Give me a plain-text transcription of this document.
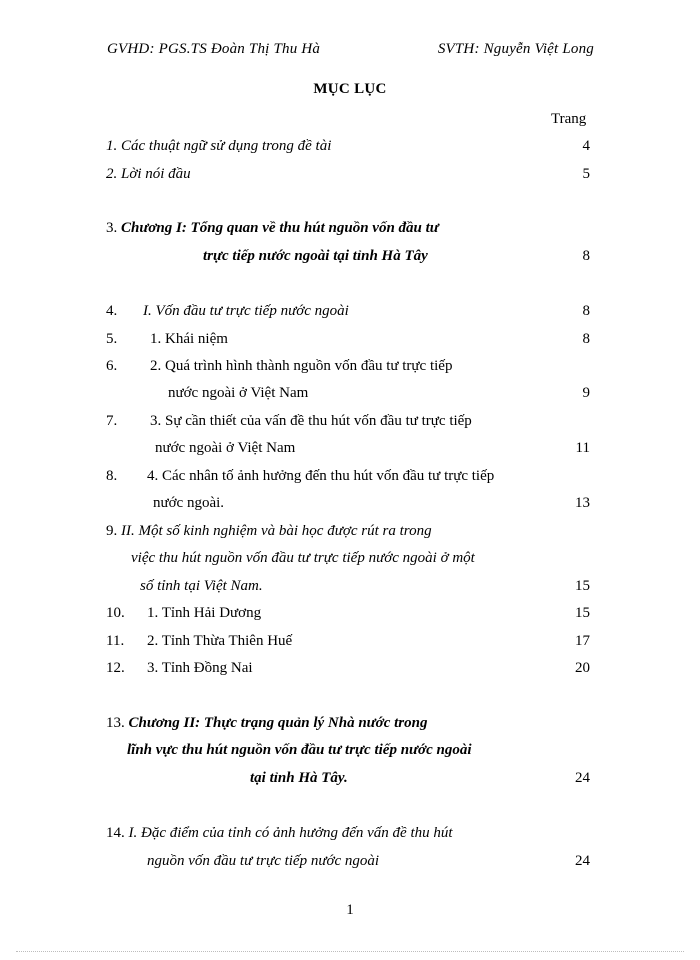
GVHD: PGS.TS Đoàn Thị Thu Hà	SVTH: Nguyễn Việt Long
MỤC LỤC
Trang
1. Các thuật ngữ sử dụng trong đề tài	4
2. Lời nói đầu	5
3. Chương I: Tổng quan về thu hút nguồn vốn đầu tư
trực tiếp nước ngoài tại tỉnh Hà Tây	8
4. I. Vốn đầu tư trực tiếp nước ngoài	8
5. 1. Khái niệm	8
6. 2. Quá trình hình thành nguồn vốn đầu tư trực tiếp
nước ngoài ở Việt Nam	9
7. 3. Sự cần thiết của vấn đề thu hút vốn đầu tư trực tiếp
nước ngoài ở Việt Nam	11
8. 4. Các nhân tố ảnh hưởng đến thu hút vốn đầu tư trực tiếp
nước ngoài.	13
9. II. Một số kinh nghiệm và bài học được rút ra trong
việc thu hút nguồn vốn đầu tư trực tiếp nước ngoài ở một
số tỉnh tại Việt Nam.	15
10. 1. Tỉnh Hải Dương	15
11. 2. Tỉnh Thừa Thiên Huế	17
12. 3. Tỉnh Đồng Nai	20
13. Chương II: Thực trạng quản lý Nhà nước trong
lĩnh vực thu hút nguồn vốn đầu tư trực tiếp nước ngoài
tại tỉnh Hà Tây.	24
14. I. Đặc điểm của tỉnh có ảnh hưởng đến vấn đề thu hút
nguồn vốn đầu tư trực tiếp nước ngoài	24
1
